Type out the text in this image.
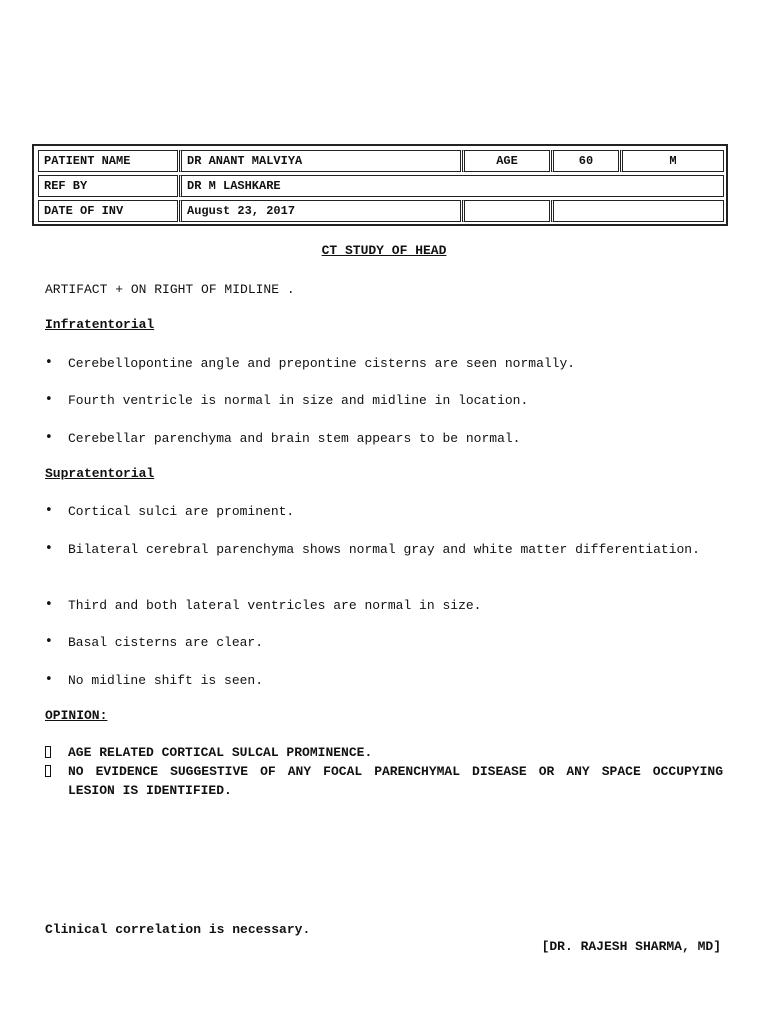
PATIENT NAME	DR ANANT MALVIYA	AGE	60	M
REF BY	DR M LASHKARE
DATE OF INV	August 23, 2017
CT STUDY OF HEAD
ARTIFACT + ON RIGHT OF MIDLINE .
Infratentorial
• Cerebellopontine angle and prepontine cisterns are seen normally.
• Fourth ventricle is normal in size and midline in location.
• Cerebellar parenchyma and brain stem appears to be normal.
Supratentorial
• Cortical sulci are prominent.
• Bilateral cerebral parenchyma shows normal gray and white matter differentiation.
• Third and both lateral ventricles are normal in size.
• Basal cisterns are clear.
• No midline shift is seen.
OPINION:
AGE RELATED CORTICAL SULCAL PROMINENCE.
NO EVIDENCE SUGGESTIVE OF ANY FOCAL PARENCHYMAL DISEASE OR ANY SPACE OCCUPYING LESION IS IDENTIFIED.
Clinical correlation is necessary.
[DR. RAJESH SHARMA, MD]
